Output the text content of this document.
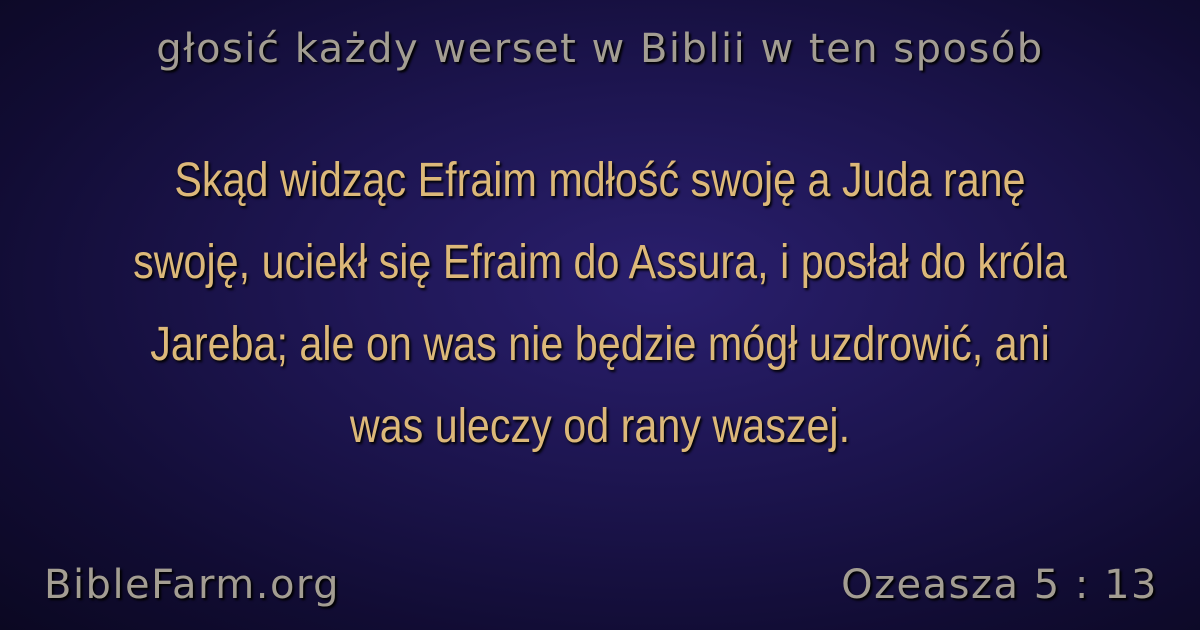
głosić każdy werset w Biblii w ten sposób
Skąd widząc Efraim mdłość swoję a Juda ranę swoję, uciekł się Efraim do Assura, i posłał do króla Jareba; ale on was nie będzie mógł uzdrowić, ani was uleczy od rany waszej.
BibleFarm.org	Ozeasza 5 : 13
